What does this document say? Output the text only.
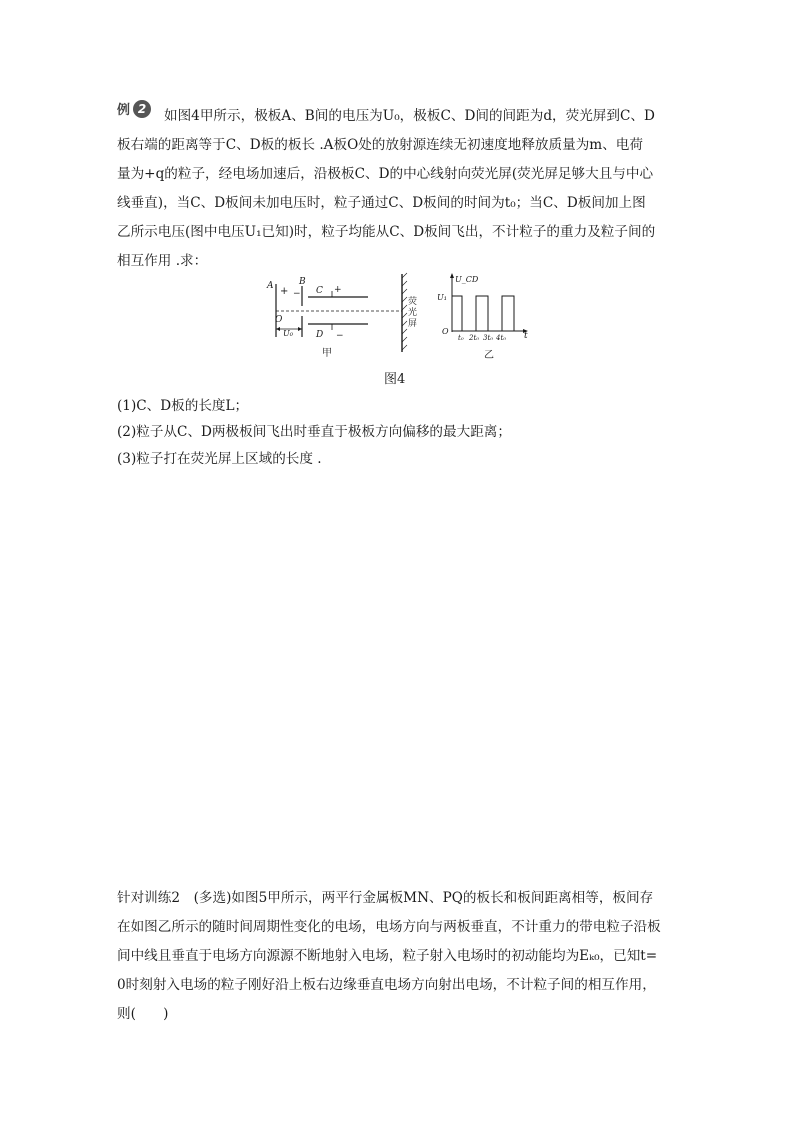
例 2	如图4甲所示，极板A、B间的电压为U₀，极板C、D间的间距为d，荧光屏到C、D
板右端的距离等于C、D板的板长 .A板O处的放射源连续无初速度地释放质量为m、电荷
量为+q的粒子，经电场加速后，沿极板C、D的中心线射向荧光屏(荧光屏足够大且与中心
线垂直)，当C、D板间未加电压时，粒子通过C、D板间的时间为t₀；当C、D板间加上图
乙所示电压(图中电压U₁已知)时，粒子均能从C、D板间飞出，不计粒子的重力及粒子间的
相互作用 .求：
A +
B
− C +
D −
O
U₀
荧
光
屏
甲
U_CD
U₁
O	t
t₀ 2t₀ 3t₀ 4t₀
乙
图4
(1)C、D板的长度L；
(2)粒子从C、D两极板间飞出时垂直于极板方向偏移的最大距离；
(3)粒子打在荧光屏上区域的长度 .
针对训练2　(多选)如图5甲所示，两平行金属板MN、PQ的板长和板间距离相等，板间存
在如图乙所示的随时间周期性变化的电场，电场方向与两板垂直，不计重力的带电粒子沿板
间中线且垂直于电场方向源源不断地射入电场，粒子射入电场时的初动能均为Eₖ₀，已知t=
0时刻射入电场的粒子刚好沿上板右边缘垂直电场方向射出电场，不计粒子间的相互作用，
则(　　)
